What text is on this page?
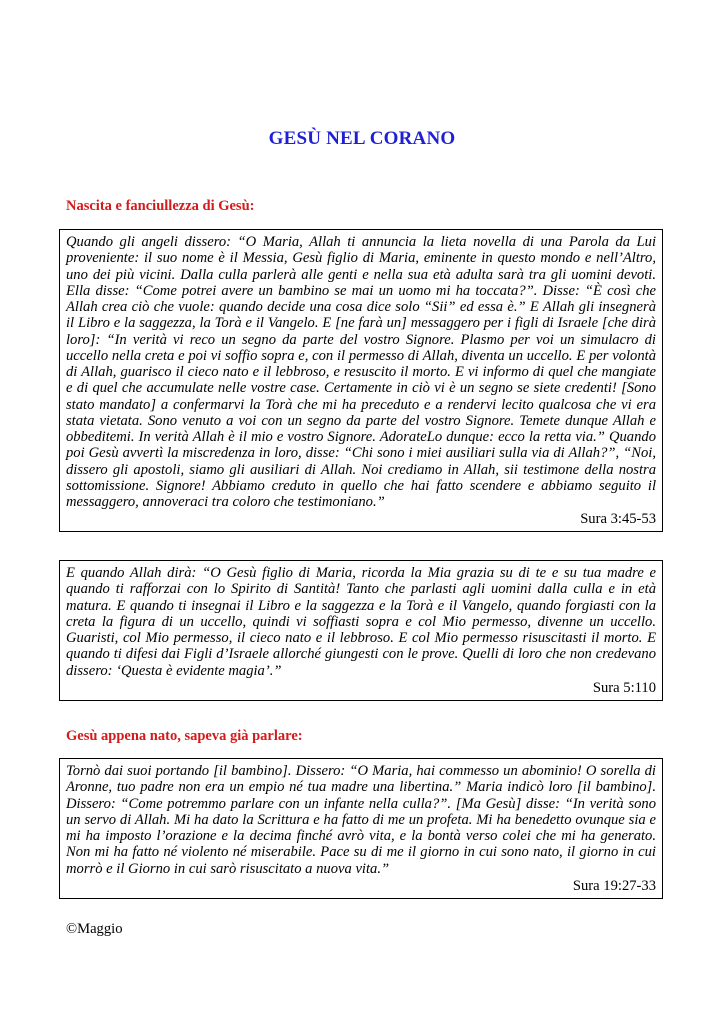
GESÙ NEL CORANO
Nascita e fanciullezza di Gesù:
Quando gli angeli dissero: “O Maria, Allah ti annuncia la lieta novella di una Parola da Lui proveniente: il suo nome è il Messia, Gesù figlio di Maria, eminente in questo mondo e nell’Altro, uno dei più vicini. Dalla culla parlerà alle genti e nella sua età adulta sarà tra gli uomini devoti. Ella disse: “Come potrei avere un bambino se mai un uomo mi ha toccata?”. Disse: “È così che Allah crea ciò che vuole: quando decide una cosa dice solo “Sii” ed essa è.” E Allah gli insegnerà il Libro e la saggezza, la Torà e il Vangelo. E [ne farà un] messaggero per i figli di Israele [che dirà loro]: “In verità vi reco un segno da parte del vostro Signore. Plasmo per voi un simulacro di uccello nella creta e poi vi soffio sopra e, con il permesso di Allah, diventa un uccello. E per volontà di Allah, guarisco il cieco nato e il lebbroso, e resuscito il morto. E vi informo di quel che mangiate e di quel che accumulate nelle vostre case. Certamente in ciò vi è un segno se siete credenti! [Sono stato mandato] a confermarvi la Torà che mi ha preceduto e a rendervi lecito qualcosa che vi era stata vietata. Sono venuto a voi con un segno da parte del vostro Signore. Temete dunque Allah e obbeditemi. In verità Allah è il mio e vostro Signore. AdorateLo dunque: ecco la retta via.” Quando poi Gesù avvertì la miscredenza in loro, disse: “Chi sono i miei ausiliari sulla via di Allah?”, “Noi, dissero gli apostoli, siamo gli ausiliari di Allah. Noi crediamo in Allah, sii testimone della nostra sottomissione. Signore! Abbiamo creduto in quello che hai fatto scendere e abbiamo seguito il messaggero, annoveraci tra coloro che testimoniano.”
Sura 3:45-53
E quando Allah dirà: “O Gesù figlio di Maria, ricorda la Mia grazia su di te e su tua madre e quando ti rafforzai con lo Spirito di Santità! Tanto che parlasti agli uomini dalla culla e in età matura. E quando ti insegnai il Libro e la saggezza e la Torà e il Vangelo, quando forgiasti con la creta la figura di un uccello, quindi vi soffiasti sopra e col Mio permesso, divenne un uccello. Guaristi, col Mio permesso, il cieco nato e il lebbroso. E col Mio permesso risuscitasti il morto. E quando ti difesi dai Figli d’Israele allorché giungesti con le prove. Quelli di loro che non credevano dissero: ‘Questa è evidente magia’.”
Sura 5:110
Gesù appena nato, sapeva già parlare:
Tornò dai suoi portando [il bambino]. Dissero: “O Maria, hai commesso un abominio! O sorella di Aronne, tuo padre non era un empio né tua madre una libertina.” Maria indicò loro [il bambino]. Dissero: “Come potremmo parlare con un infante nella culla?”. [Ma Gesù] disse: “In verità sono un servo di Allah. Mi ha dato la Scrittura e ha fatto di me un profeta. Mi ha benedetto ovunque sia e mi ha imposto l’orazione e la decima finché avrò vita, e la bontà verso colei che mi ha generato. Non mi ha fatto né violento né miserabile. Pace su di me il giorno in cui sono nato, il giorno in cui morrò e il Giorno in cui sarò risuscitato a nuova vita.”
Sura 19:27-33
©Maggio
